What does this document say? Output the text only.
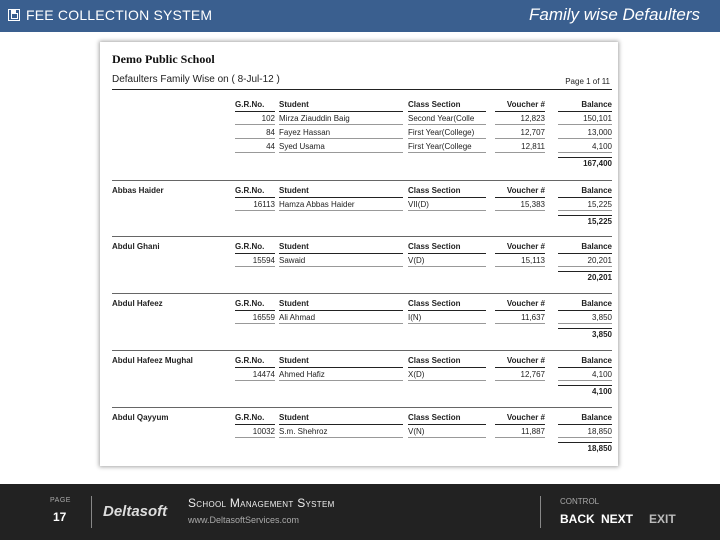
FEE COLLECTION SYSTEM	Family wise Defaulters
Demo Public School
Defaulters Family Wise on ( 8-Jul-12 )	Page 1 of 11
G.R.No.	Student	Class Section	Voucher #	Balance
102 Mirza Ziauddin Baig	Second Year(Colle	12,823	150,101
84 Fayez Hassan	First Year(College)	12,707	13,000
44 Syed Usama	First Year(College	12,811	4,100
167,400
Abbas Haider	G.R.No.	Student	Class Section	Voucher #	Balance
16113 Hamza Abbas Haider	VII(D)	15,383	15,225
15,225
Abdul Ghani	G.R.No.	Student	Class Section	Voucher #	Balance
15594 Sawaid	V(D)	15,113	20,201
20,201
Abdul Hafeez	G.R.No.	Student	Class Section	Voucher #	Balance
16559 Ali Ahmad	I(N)	11,637	3,850
3,850
Abdul Hafeez Mughal	G.R.No.	Student	Class Section	Voucher #	Balance
14474 Ahmed Hafiz	X(D)	12,767	4,100
4,100
Abdul Qayyum	G.R.No.	Student	Class Section	Voucher #	Balance
10032 S.m. Shehroz	V(N)	11,887	18,850
18,850
PAGE
17 Deltasoft School Management System
www.DeltasoftServices.com
CONTROL
BACK NEXT EXIT
